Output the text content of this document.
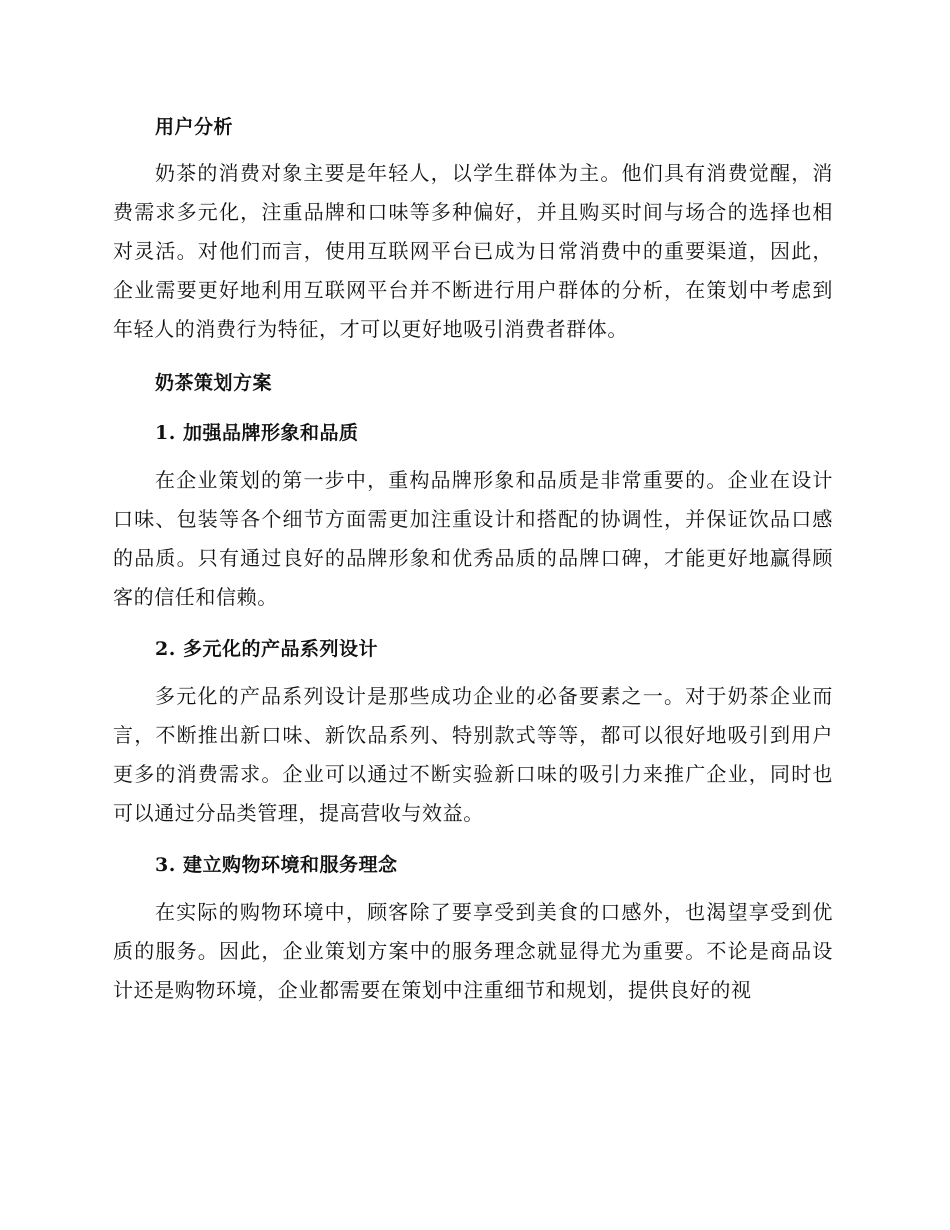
用户分析

奶茶的消费对象主要是年轻人，以学生群体为主。他们具有消费觉醒，消费需求多元化，注重品牌和口味等多种偏好，并且购买时间与场合的选择也相对灵活。对他们而言，使用互联网平台已成为日常消费中的重要渠道，因此，企业需要更好地利用互联网平台并不断进行用户群体的分析，在策划中考虑到年轻人的消费行为特征，才可以更好地吸引消费者群体。

奶茶策划方案

1. 加强品牌形象和品质

在企业策划的第一步中，重构品牌形象和品质是非常重要的。企业在设计口味、包装等各个细节方面需更加注重设计和搭配的协调性，并保证饮品口感的品质。只有通过良好的品牌形象和优秀品质的品牌口碑，才能更好地赢得顾客的信任和信赖。

2. 多元化的产品系列设计

多元化的产品系列设计是那些成功企业的必备要素之一。对于奶茶企业而言，不断推出新口味、新饮品系列、特别款式等等，都可以很好地吸引到用户更多的消费需求。企业可以通过不断实验新口味的吸引力来推广企业，同时也可以通过分品类管理，提高营收与效益。

3. 建立购物环境和服务理念

在实际的购物环境中，顾客除了要享受到美食的口感外，也渴望享受到优质的服务。因此，企业策划方案中的服务理念就显得尤为重要。不论是商品设计还是购物环境，企业都需要在策划中注重细节和规划，提供良好的视
